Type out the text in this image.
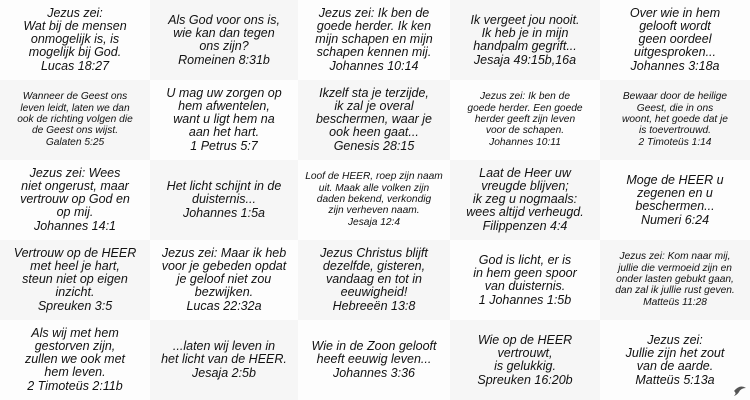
Jezus zei:
Wat bij de mensen
onmogelijk is, is
mogelijk bij God.
Lucas 18:27
Als God voor ons is,
wie kan dan tegen
ons zijn?
Romeinen 8:31b
Jezus zei: Ik ben de
goede herder. Ik ken
mijn schapen en mijn
schapen kennen mij.
Johannes 10:14
Ik vergeet jou nooit.
Ik heb je in mijn
handpalm gegrift...
Jesaja 49:15b,16a
Over wie in hem
gelooft wordt
geen oordeel
uitgesproken...
Johannes 3:18a
Wanneer de Geest ons
leven leidt, laten we dan
ook de richting volgen die
de Geest ons wijst.
Galaten 5:25
U mag uw zorgen op
hem afwentelen,
want u ligt hem na
aan het hart.
1 Petrus 5:7
Ikzelf sta je terzijde,
ik zal je overal
beschermen, waar je
ook heen gaat...
Genesis 28:15
Jezus zei: Ik ben de
goede herder. Een goede
herder geeft zijn leven
voor de schapen.
Johannes 10:11
Bewaar door de heilige
Geest, die in ons
woont, het goede dat je
is toevertrouwd.
2 Timoteüs 1:14
Jezus zei: Wees
niet ongerust, maar
vertrouw op God en
op mij.
Johannes 14:1
Het licht schijnt in de
duisternis...
Johannes 1:5a
Loof de HEER, roep zijn naam
uit. Maak alle volken zijn
daden bekend, verkondig
zijn verheven naam.
Jesaja 12:4
Laat de Heer uw
vreugde blijven;
ik zeg u nogmaals:
wees altijd verheugd.
Filippenzen 4:4
Moge de HEER u
zegenen en u
beschermen...
Numeri 6:24
Vertrouw op de HEER
met heel je hart,
steun niet op eigen
inzicht.
Spreuken 3:5
Jezus zei: Maar ik heb
voor je gebeden opdat
je geloof niet zou
bezwijken.
Lucas 22:32a
Jezus Christus blijft
dezelfde, gisteren,
vandaag en tot in
eeuwigheid!
Hebreeën 13:8
God is licht, er is
in hem geen spoor
van duisternis.
1 Johannes 1:5b
Jezus zei: Kom naar mij,
jullie die vermoeid zijn en
onder lasten gebukt gaan,
dan zal ik jullie rust geven.
Matteüs 11:28
Als wij met hem
gestorven zijn,
zullen we ook met
hem leven.
2 Timoteüs 2:11b
...laten wij leven in
het licht van de HEER.
Jesaja 2:5b
Wie in de Zoon gelooft
heeft eeuwig leven...
Johannes 3:36
Wie op de HEER
vertrouwt,
is gelukkig.
Spreuken 16:20b
Jezus zei:
Jullie zijn het zout
van de aarde.
Matteüs 5:13a
